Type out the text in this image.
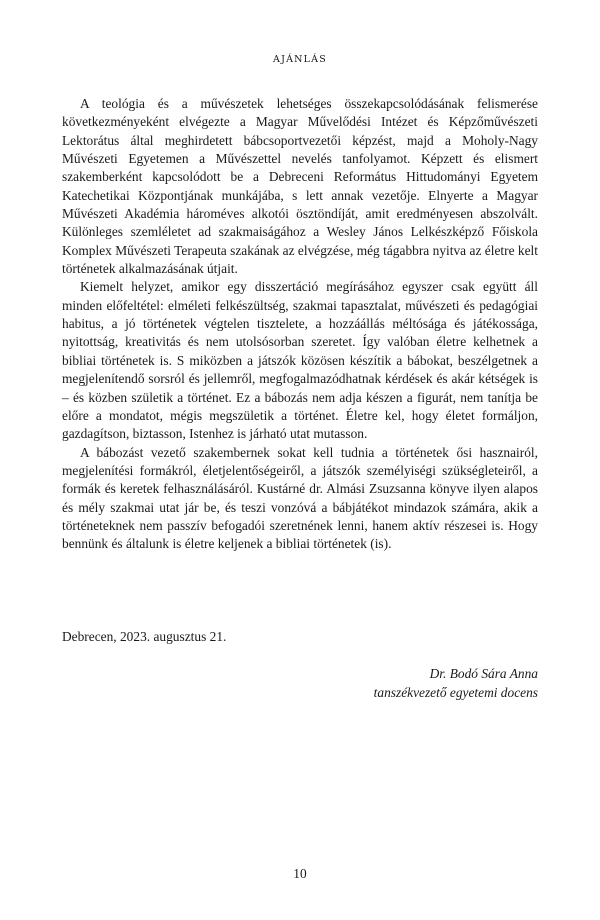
AJÁNLÁS

A teológia és a művészetek lehetséges összekapcsolódásának felismerése következményeként elvégezte a Magyar Művelődési Intézet és Képzőművészeti Lektorátus által meghirdetett bábcsoportvezetői képzést, majd a Moholy-Nagy Művészeti Egyetemen a Művészettel nevelés tanfolyamot. Képzett és elismert szakemberként kapcsolódott be a Debreceni Református Hittudományi Egyetem Katechetikai Központjának munkájába, s lett annak vezetője. Elnyerte a Magyar Művészeti Akadémia hároméves alkotói ösztöndíját, amit eredményesen abszolvált. Különleges szemléletet ad szakmaiságához a Wesley János Lelkészképző Főiskola Komplex Művészeti Terapeuta szakának az elvégzése, még tágabbra nyitva az életre kelt történetek alkalmazásának útjait.

Kiemelt helyzet, amikor egy disszertáció megírásához egyszer csak együtt áll minden előfeltétel: elméleti felkészültség, szakmai tapasztalat, művészeti és pedagógiai habitus, a jó történetek végtelen tisztelete, a hozzáállás méltósága és játékossága, nyitottság, kreativitás és nem utolsósorban szeretet. Így valóban életre kelhetnek a bibliai történetek is. S miközben a játszók közösen készítik a bábokat, beszélgetnek a megjelenítendő sorsról és jellemről, megfogalmazódhatnak kérdések és akár kétségek is – és közben születik a történet. Ez a bábozás nem adja készen a figurát, nem tanítja be előre a mondatot, mégis megszületik a történet. Életre kel, hogy életet formáljon, gazdagítson, biztasson, Istenhez is járható utat mutasson.

A bábozást vezető szakembernek sokat kell tudnia a történetek ősi hasznairól, megjelenítési formákról, életjelentőségeiről, a játszók személyiségi szükségleteiről, a formák és keretek felhasználásáról. Kustárné dr. Almási Zsuzsanna könyve ilyen alapos és mély szakmai utat jár be, és teszi vonzóvá a bábjátékot mindazok számára, akik a történeteknek nem passzív befogadói szeretnének lenni, hanem aktív részesei is. Hogy bennünk és általunk is életre keljenek a bibliai történetek (is).

Debrecen, 2023. augusztus 21.
Dr. Bodó Sára Anna
tanszékvezető egyetemi docens
10
